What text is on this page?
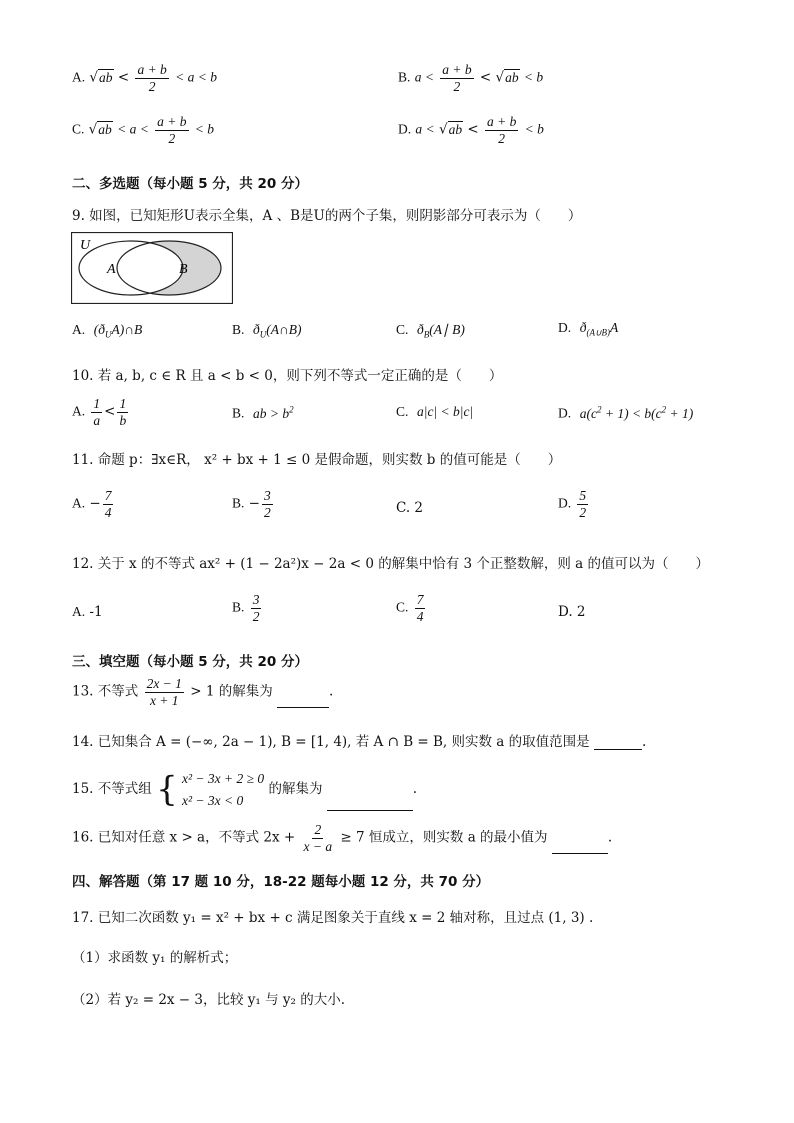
A. $√ab < \frac{a + b}{2} < a < b$	B. $a < \frac{a + b}{2} < √ab < b$
C. $√ab < a < \frac{a + b}{2} < b$	D. $a < √ab < \frac{a + b}{2} < b$
二、多选题（每小题 5 分，共 20 分）
9. 如图，已知矩形U表示全集，A 、B是U的两个子集，则阴影部分可表示为（　　）
U
A	B
A. $(ð_UA)\cap B$	B. $ð_U(A\cap B)$	C. $ð_B(A∣$ B)	D. $ð_{(A\cup B)}A$
10. 若 a, b, c ∈ R 且 a < b < 0，则下列不等式一定正确的是（　　）
A. $\frac{1}{a} < \frac{1}{b}$	B. ab > $b^2$	C. a|c| < b|c|	D. $a(c^2 + 1) < b(c^2 + 1)$
11. 命题 p：∃x∈R， x² + bx + 1 ≤ 0 是假命题，则实数 b 的值可能是（　　）
A. − $\frac{7}{4}$	B. − $\frac{3}{2}$	C. 2	D. $\frac{5}{2}$
12. 关于 x 的不等式 ax² + (1 − 2a²)x − 2a < 0 的解集中恰有 3 个正整数解，则 a 的值可以为（　　）
A. -1	B. $\frac{3}{2}$	C. $\frac{7}{4}$	D. 2
三、填空题（每小题 5 分，共 20 分）
13. 不等式 $\frac{2x - 1}{x + 1} > 1$ 的解集为	.
14. 已知集合 A = (−∞, 2a − 1), B = [1, 4), 若 A ∩ B = B, 则实数 a 的取值范围是	.
15. 不等式组 { x² − 3x + 2 ≥ 0
x² − 3x < 0
的解集为	.
16. 已知对任意 x > a，不等式 $2x + \frac{2}{x - a} \ge 7$ 恒成立，则实数 a 的最小值为	.
四、解答题（第 17 题 10 分，18-22 题每小题 12 分，共 70 分）
17. 已知二次函数 y₁ = x² + bx + c 满足图象关于直线 x = 2 轴对称，且过点 (1, 3) .
（1）求函数 y₁ 的解析式；
（2）若 y₂ = 2x − 3，比较 y₁ 与 y₂ 的大小.
